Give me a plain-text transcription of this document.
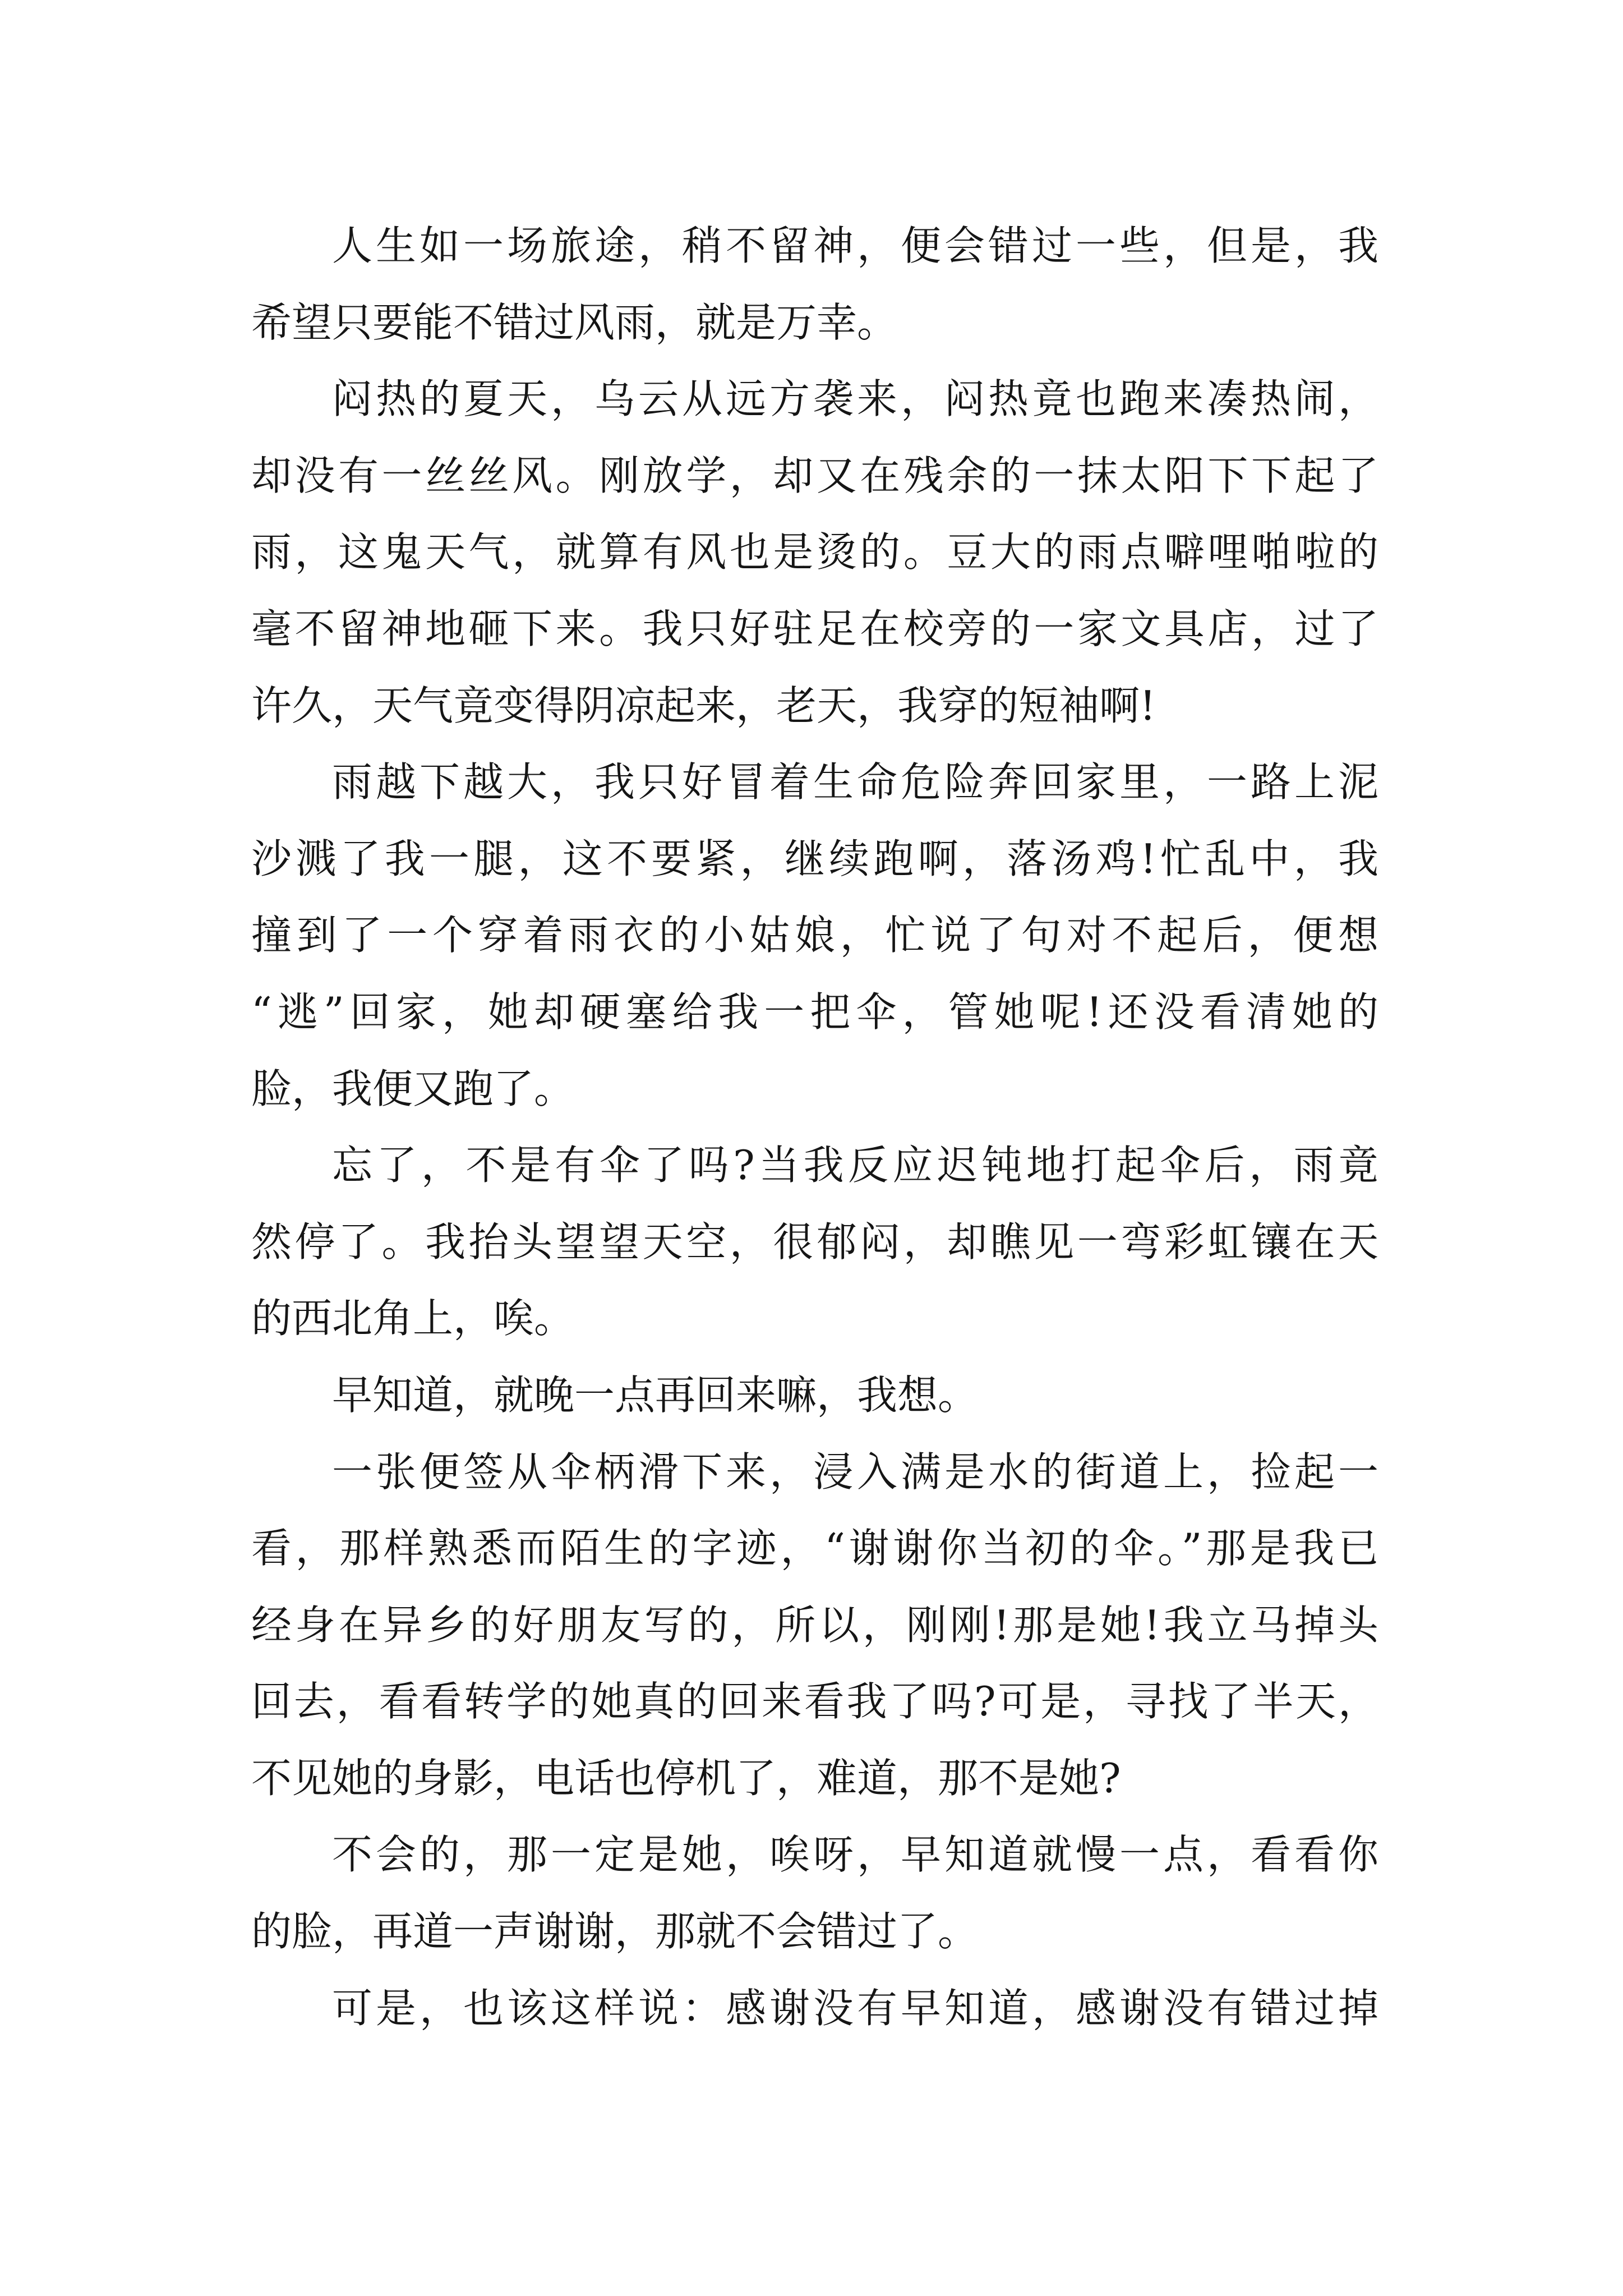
人生如一场旅途，稍不留神，便会错过一些，但是，我
希望只要能不错过风雨，就是万幸。
闷热的夏天，乌云从远方袭来，闷热竟也跑来凑热闹，
却没有一丝丝风。刚放学，却又在残余的一抹太阳下下起了
雨，这鬼天气，就算有风也是烫的。豆大的雨点噼哩啪啦的
毫不留神地砸下来。我只好驻足在校旁的一家文具店，过了
许久，天气竟变得阴凉起来，老天，我穿的短袖啊!
雨越下越大，我只好冒着生命危险奔回家里，一路上泥
沙溅了我一腿，这不要紧，继续跑啊，落汤鸡!忙乱中，我
撞到了一个穿着雨衣的小姑娘，忙说了句对不起后，便想
“逃”回家，她却硬塞给我一把伞，管她呢!还没看清她的
脸，我便又跑了。
忘了，不是有伞了吗?当我反应迟钝地打起伞后，雨竟
然停了。我抬头望望天空，很郁闷，却瞧见一弯彩虹镶在天
的西北角上，唉。
早知道，就晚一点再回来嘛，我想。
一张便签从伞柄滑下来，浸入满是水的街道上，捡起一
看，那样熟悉而陌生的字迹，“谢谢你当初的伞。”那是我已
经身在异乡的好朋友写的，所以，刚刚!那是她!我立马掉头
回去，看看转学的她真的回来看我了吗?可是，寻找了半天，
不见她的身影，电话也停机了，难道，那不是她?
不会的，那一定是她，唉呀，早知道就慢一点，看看你
的脸，再道一声谢谢，那就不会错过了。
可是，也该这样说：感谢没有早知道，感谢没有错过掉
